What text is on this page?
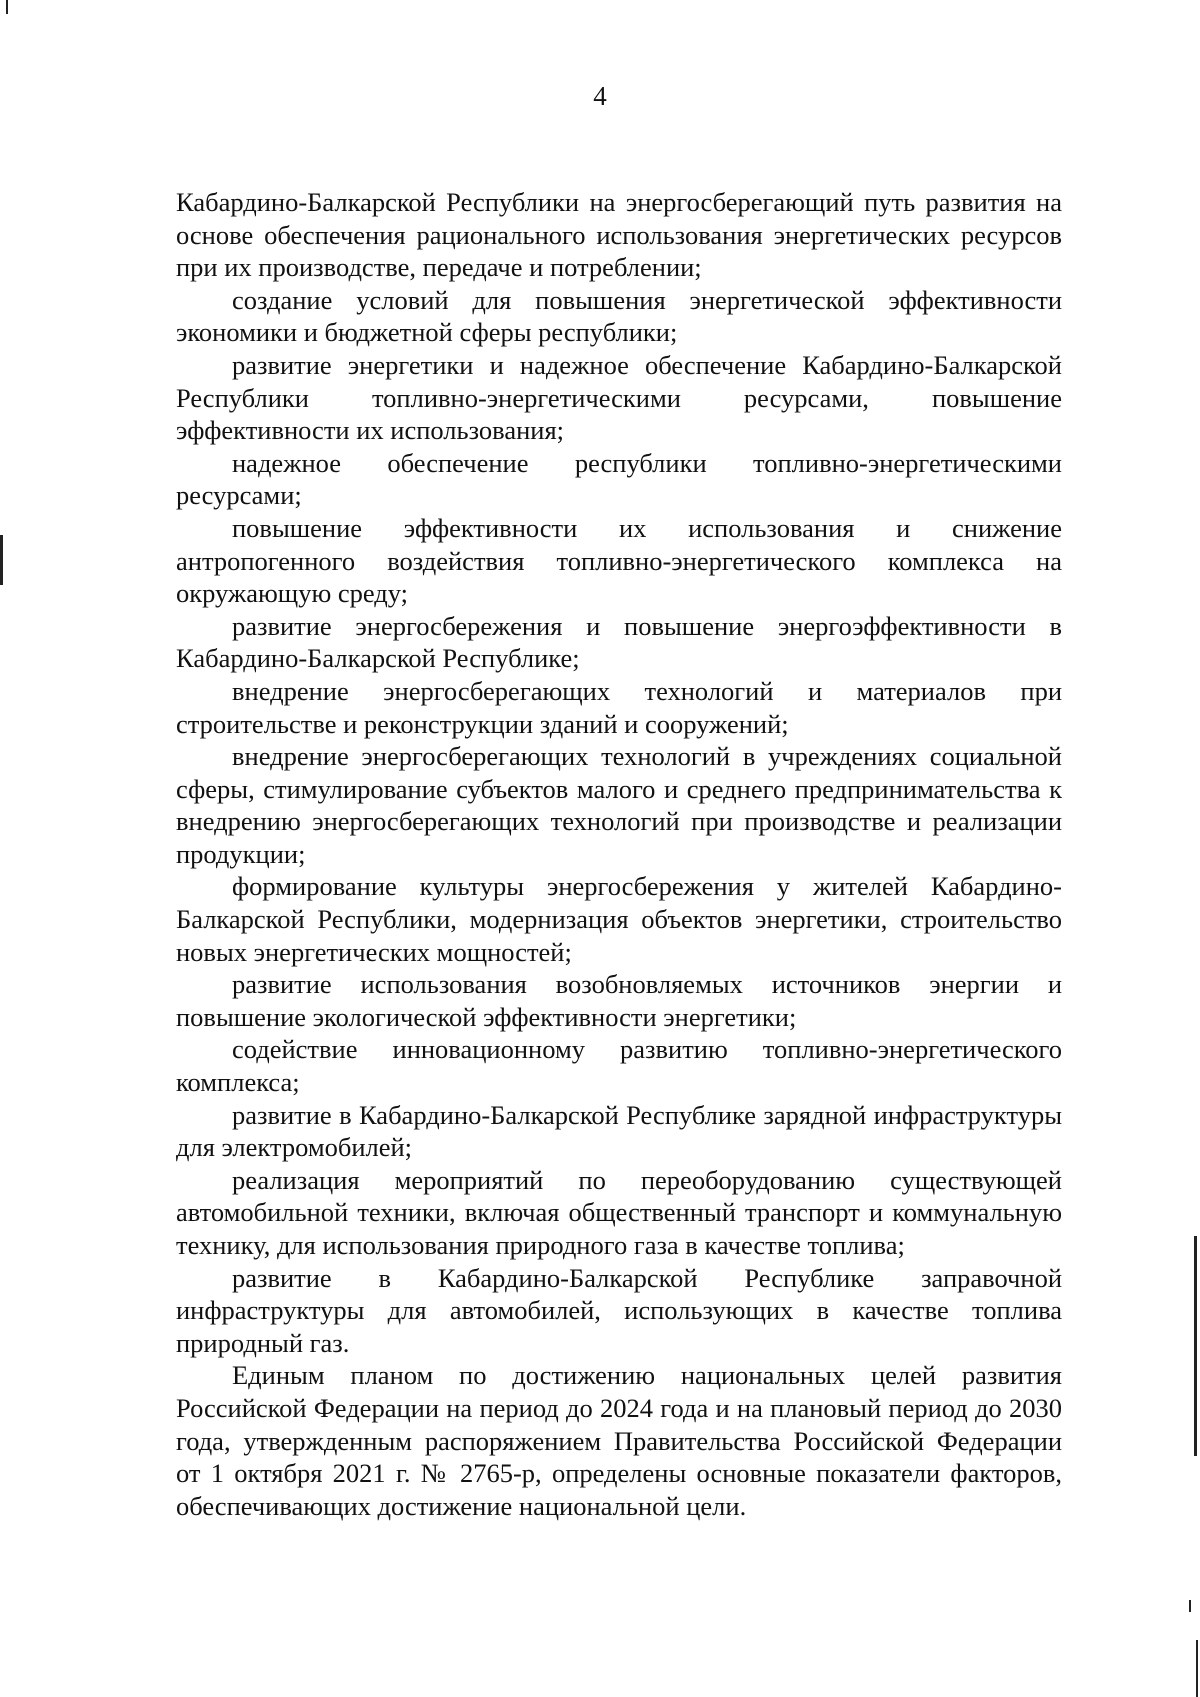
4

Кабардино-Балкарской Республики на энергосберегающий путь развития на основе обеспечения рационального использования энергетических ресурсов при их производстве, передаче и потреблении;

создание условий для повышения энергетической эффективности экономики и бюджетной сферы республики;

развитие энергетики и надежное обеспечение Кабардино-Балкарской Республики топливно-энергетическими ресурсами, повышение эффективности их использования;

надежное обеспечение республики топливно-энергетическими ресурсами;

повышение эффективности их использования и снижение антропогенного воздействия топливно-энергетического комплекса на окружающую среду;

развитие энергосбережения и повышение энергоэффективности в Кабардино-Балкарской Республике;

внедрение энергосберегающих технологий и материалов при строительстве и реконструкции зданий и сооружений;

внедрение энергосберегающих технологий в учреждениях социальной сферы, стимулирование субъектов малого и среднего предпринимательства к внедрению энергосберегающих технологий при производстве и реализации продукции;

формирование культуры энергосбережения у жителей Кабардино-Балкарской Республики, модернизация объектов энергетики, строительство новых энергетических мощностей;

развитие использования возобновляемых источников энергии и повышение экологической эффективности энергетики;

содействие инновационному развитию топливно-энергетического комплекса;

развитие в Кабардино-Балкарской Республике зарядной инфраструктуры для электромобилей;

реализация мероприятий по переоборудованию существующей автомобильной техники, включая общественный транспорт и коммунальную технику, для использования природного газа в качестве топлива;

развитие в Кабардино-Балкарской Республике заправочной инфраструктуры для автомобилей, использующих в качестве топлива природный газ.

Единым планом по достижению национальных целей развития Российской Федерации на период до 2024 года и на плановый период до 2030 года, утвержденным распоряжением Правительства Российской Федерации от 1 октября 2021 г. № 2765-р, определены основные показатели факторов, обеспечивающих достижение национальной цели.
